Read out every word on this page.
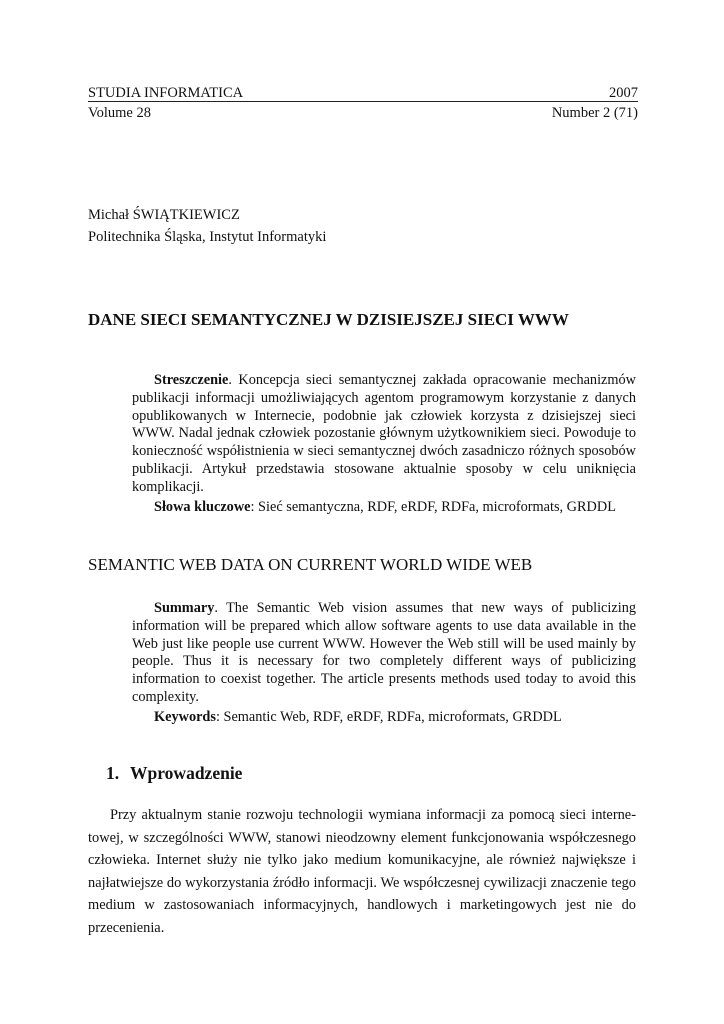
STUDIA INFORMATICA	2007
Volume 28	Number 2 (71)
Michał ŚWIĄTKIEWICZ
Politechnika Śląska, Instytut Informatyki
DANE SIECI SEMANTYCZNEJ W DZISIEJSZEJ SIECI WWW
Streszczenie. Koncepcja sieci semantycznej zakłada opracowanie mechanizmów publikacji informacji umożliwiających agentom programowym korzystanie z danych opublikowanych w Internecie, podobnie jak człowiek korzysta z dzisiejszej sieci WWW. Nadal jednak człowiek pozostanie głównym użytkownikiem sieci. Powoduje to konieczność współistnienia w sieci semantycznej dwóch zasadniczo różnych sposobów publikacji. Artykuł przedstawia stosowane aktualnie sposoby w celu uniknięcia komplikacji.
Słowa kluczowe: Sieć semantyczna, RDF, eRDF, RDFa, microformats, GRDDL
SEMANTIC WEB DATA ON CURRENT WORLD WIDE WEB
Summary. The Semantic Web vision assumes that new ways of publicizing information will be prepared which allow software agents to use data available in the Web just like people use current WWW. However the Web still will be used mainly by people. Thus it is necessary for two completely different ways of publicizing information to coexist together. The article presents methods used today to avoid this complexity.
Keywords: Semantic Web, RDF, eRDF, RDFa, microformats, GRDDL
1. Wprowadzenie
Przy aktualnym stanie rozwoju technologii wymiana informacji za pomocą sieci internetowej, w szczególności WWW, stanowi nieodzowny element funkcjonowania współczesnego człowieka. Internet służy nie tylko jako medium komunikacyjne, ale również największe i najłatwiejsze do wykorzystania źródło informacji. We współczesnej cywilizacji znaczenie tego medium w zastosowaniach informacyjnych, handlowych i marketingowych jest nie do przecenienia.
